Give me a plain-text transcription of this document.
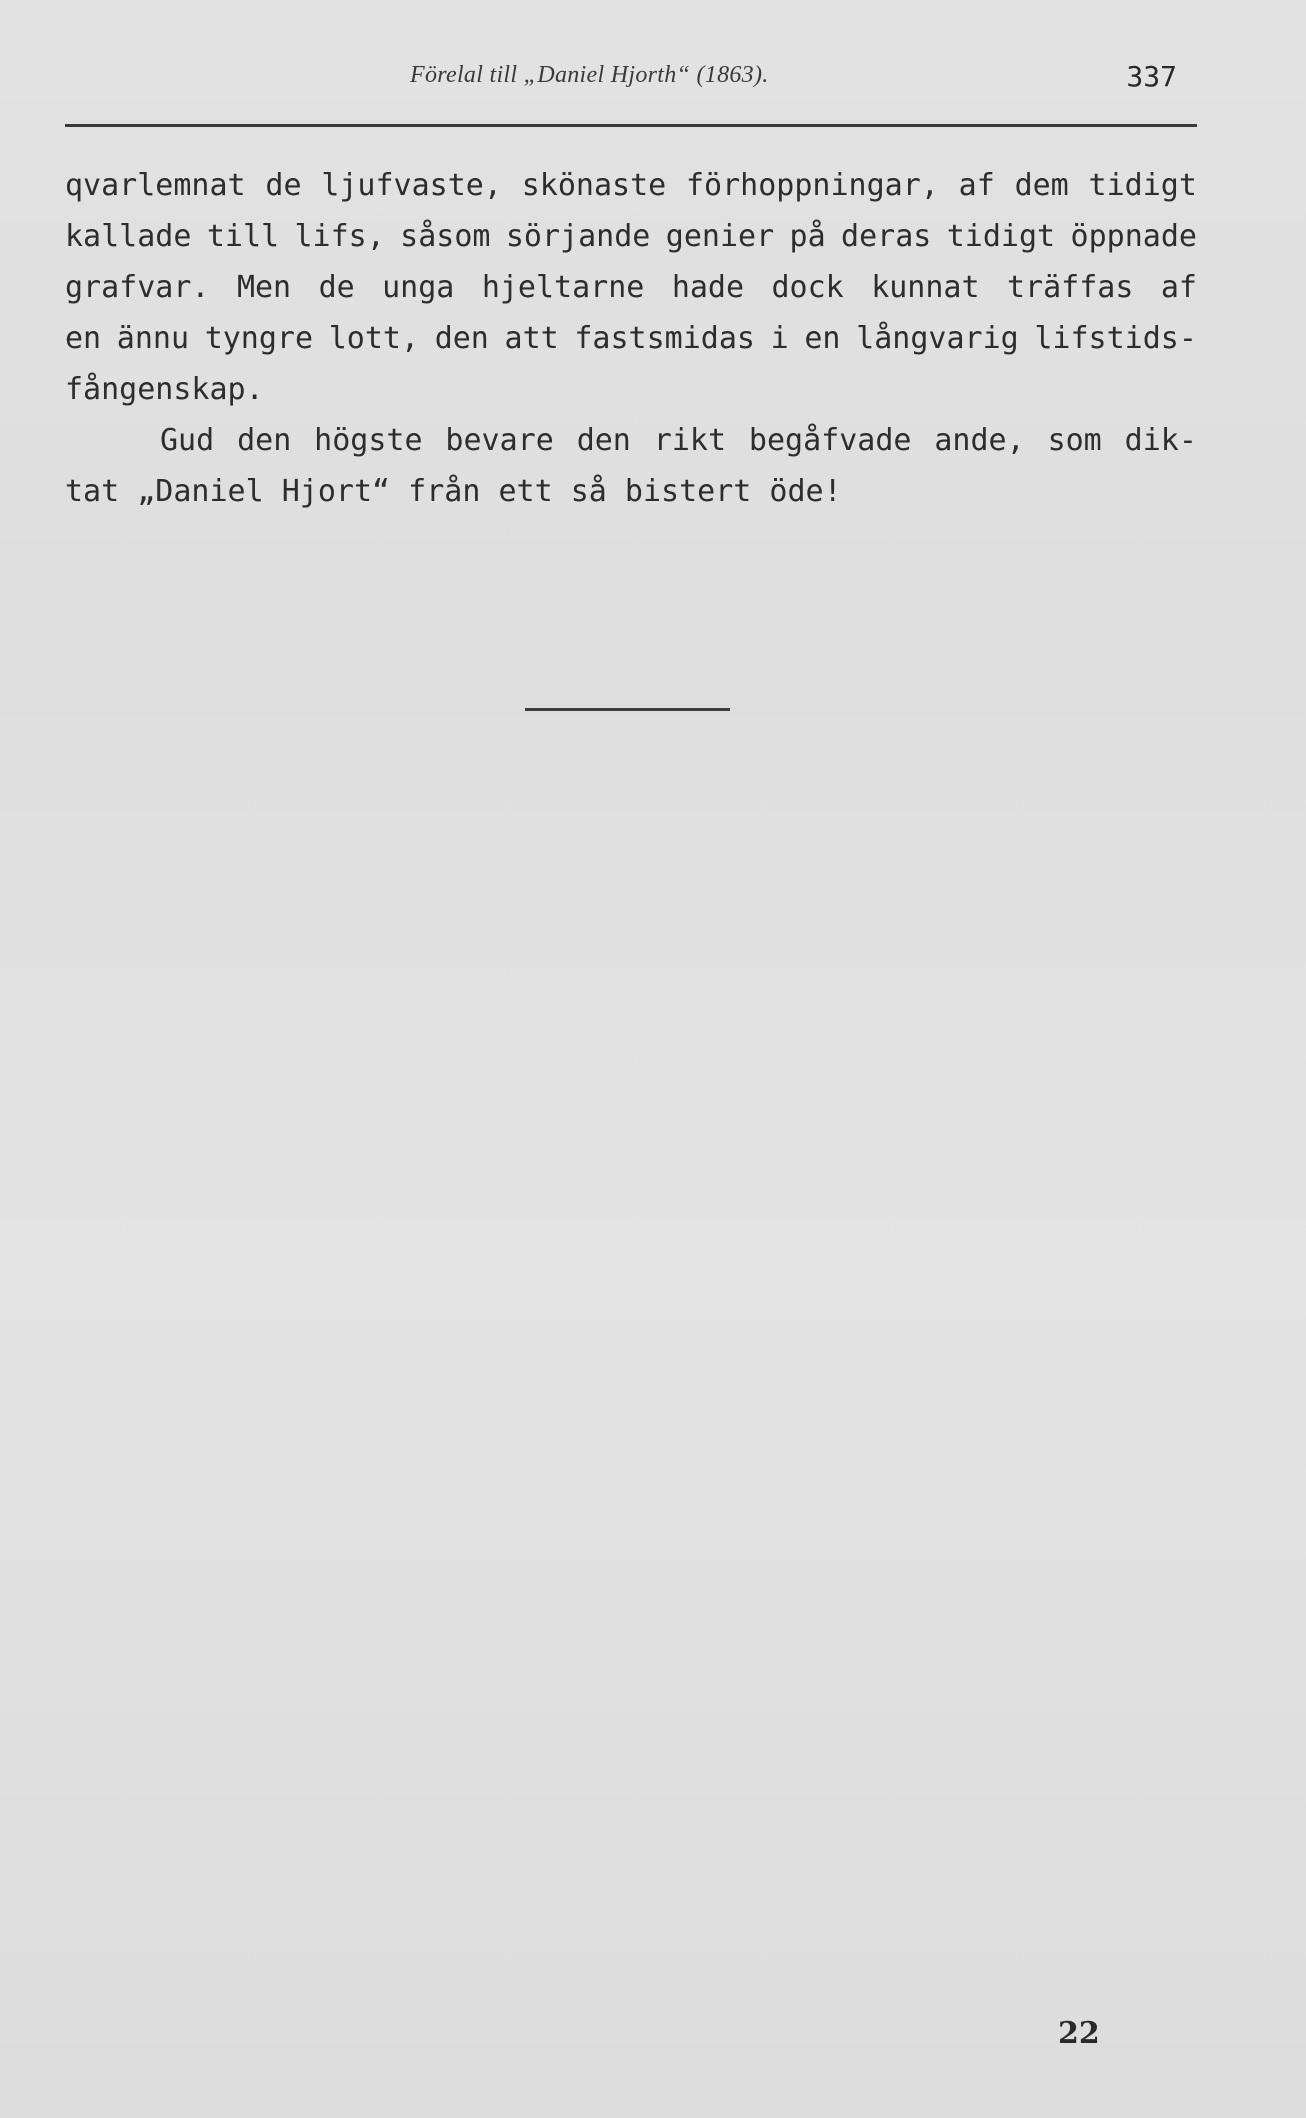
Förelal till „Daniel Hjorth“ (1863).	337
qvarlemnat de ljufvaste, skönaste förhoppningar, af dem tidigt
kallade till lifs, såsom sörjande genier på deras tidigt öppnade
grafvar. Men de unga hjeltarne hade dock kunnat träffas af
en ännu tyngre lott, den att fastsmidas i en långvarig lifstids-
fångenskap.
Gud den högste bevare den rikt begåfvade ande, som dik-
tat „Daniel Hjort“ från ett så bistert öde!
22
